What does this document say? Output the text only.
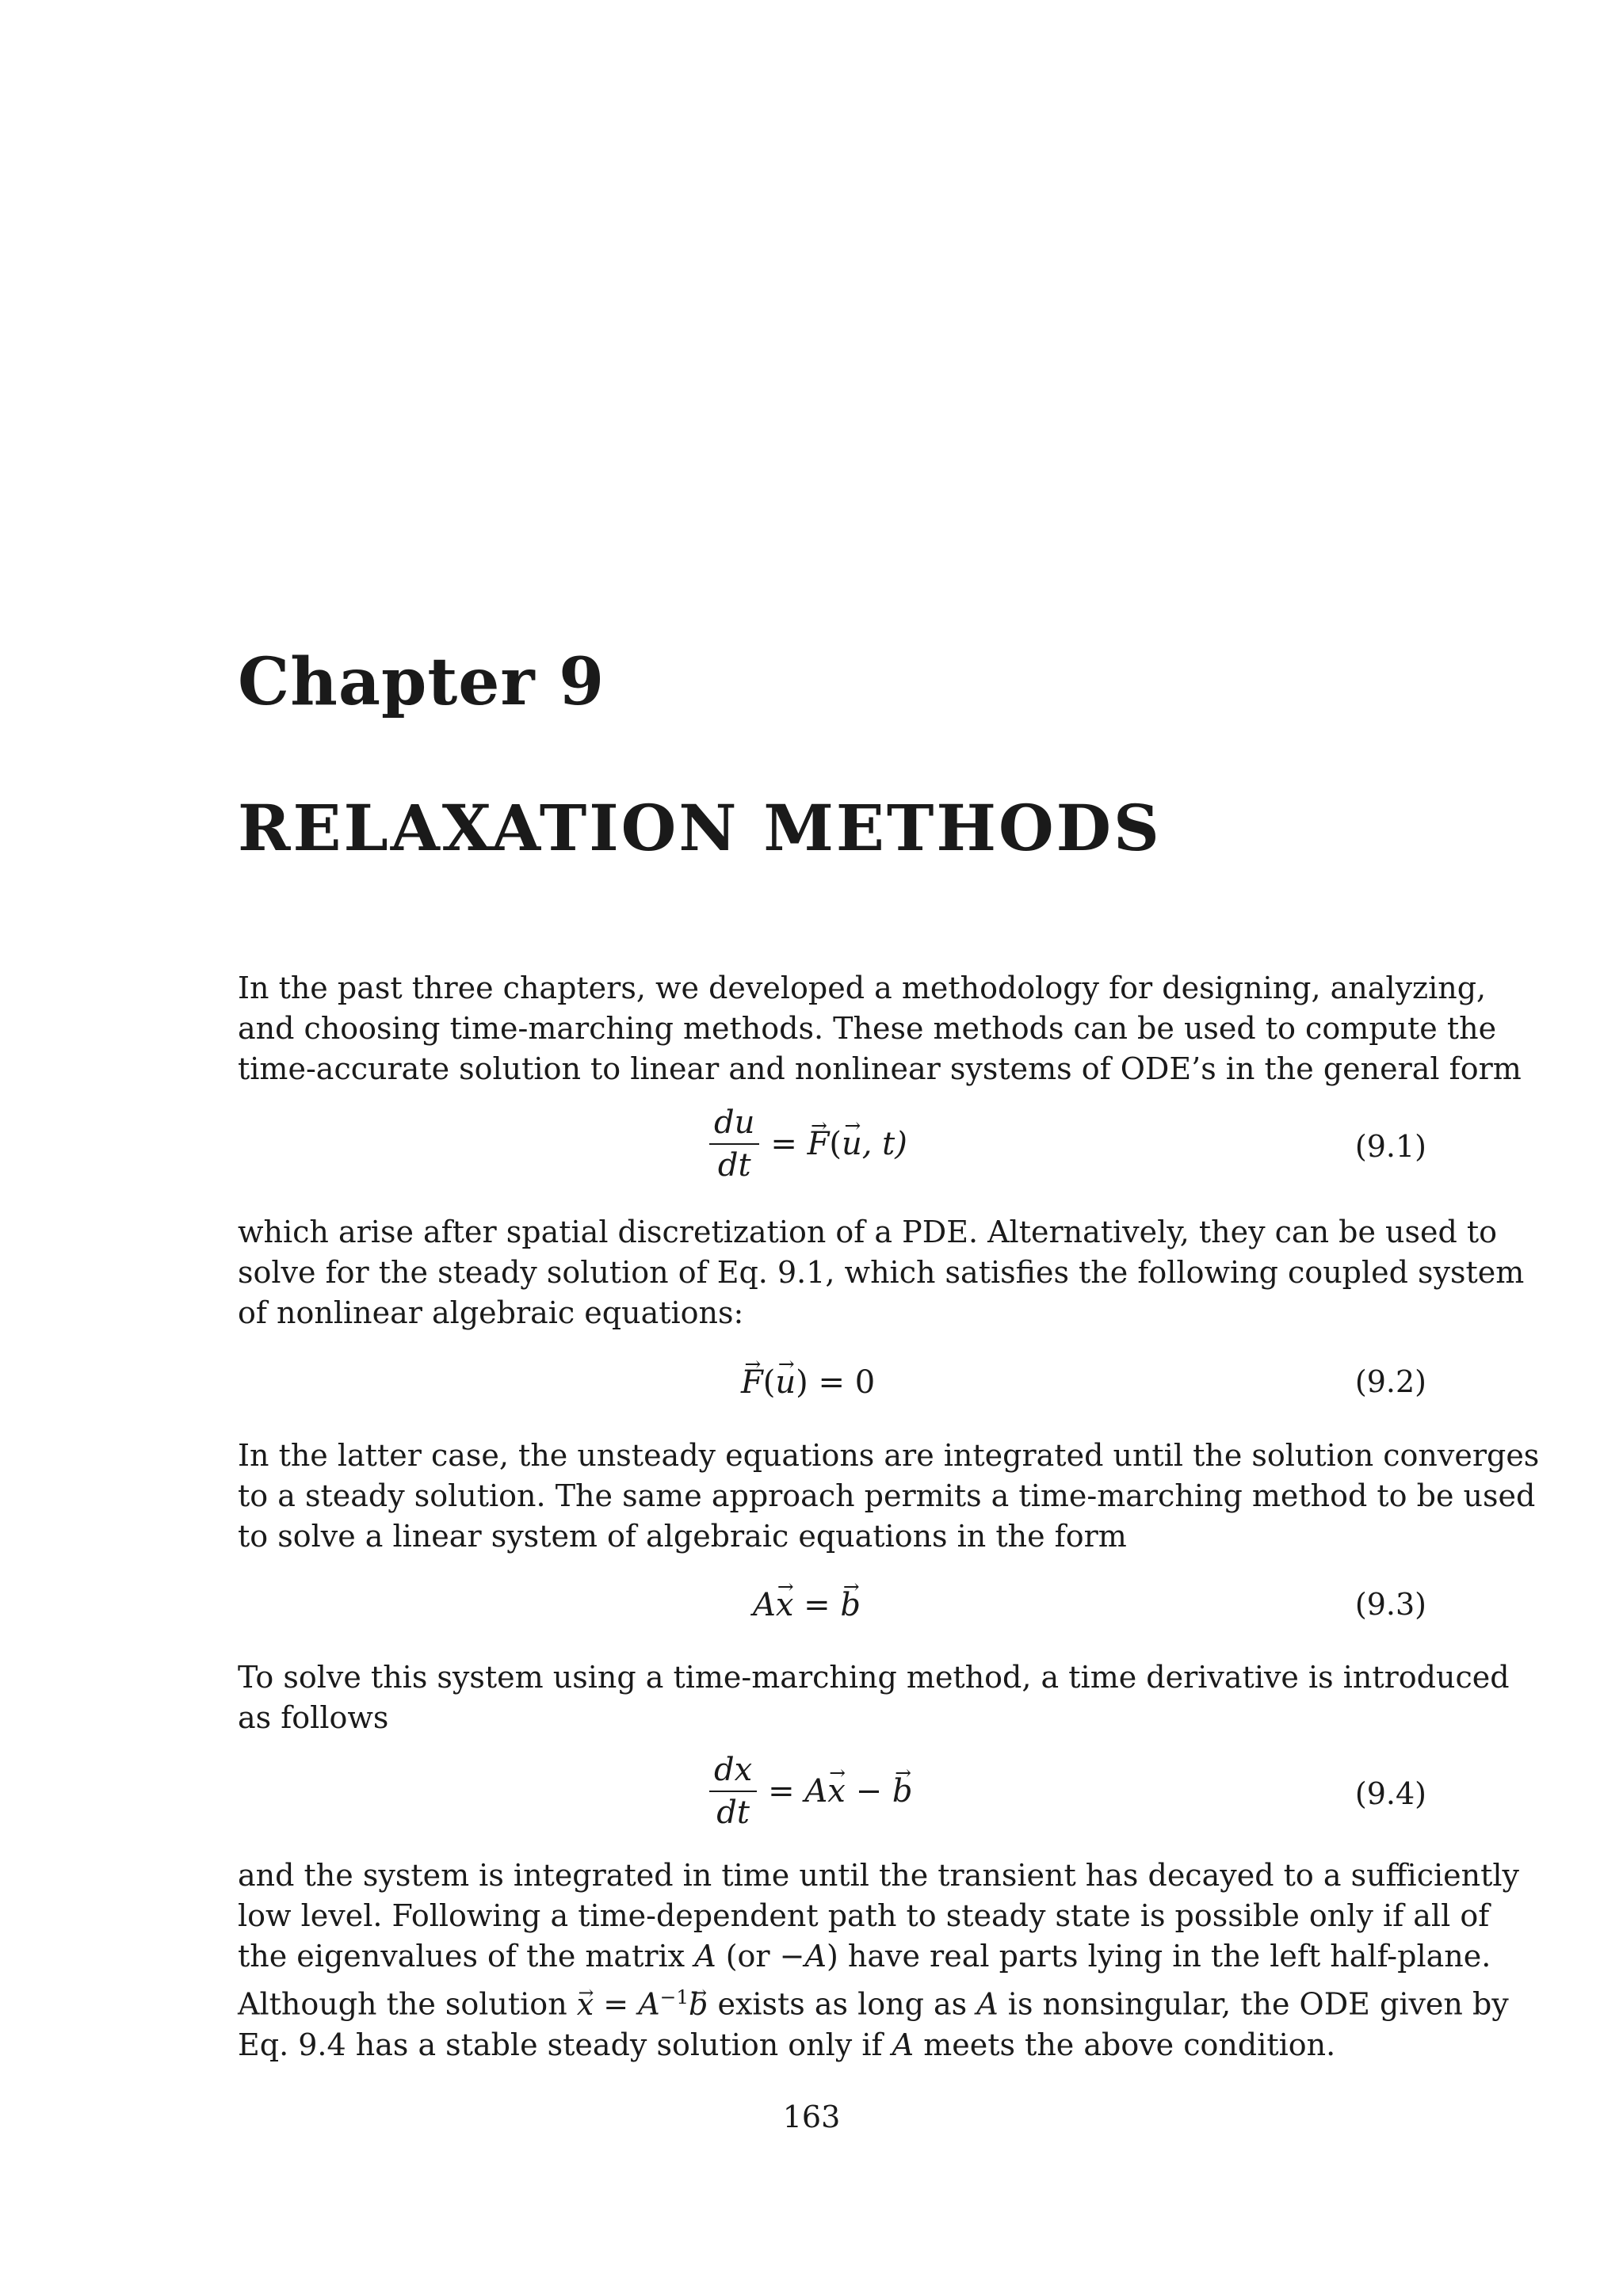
Chapter 9
RELAXATION METHODS
In the past three chapters, we developed a methodology for designing, analyzing,
and choosing time-marching methods. These methods can be used to compute the
time-accurate solution to linear and nonlinear systems of ODE’s in the general form
$\frac{du}{dt}$ =
F → ( u → , t)	(9.1)
which arise after spatial discretization of a PDE. Alternatively, they can be used to
solve for the steady solution of Eq. 9.1, which satisfies the following coupled system
of nonlinear algebraic equations:
F → ( u → )
= 0	(9.2)
In the latter case, the unsteady equations are integrated until the solution converges
to a steady solution. The same approach permits a time-marching method to be used
to solve a linear system of algebraic equations in the form
A x →
=
b →	(9.3)
To solve this system using a time-marching method, a time derivative is introduced
as follows
$\frac{dx}{dt}$ =
A x →
−
b →	(9.4)
and the system is integrated in time until the transient has decayed to a sufficiently
low level. Following a time-dependent path to steady state is possible only if all of
the eigenvalues of the matrix A (or −A) have real parts lying in the left half-plane.
Although the solution x → = $A^{-1}b$ → exists as long as A is nonsingular, the ODE given by
Eq. 9.4 has a stable steady solution only if A meets the above condition.
163
